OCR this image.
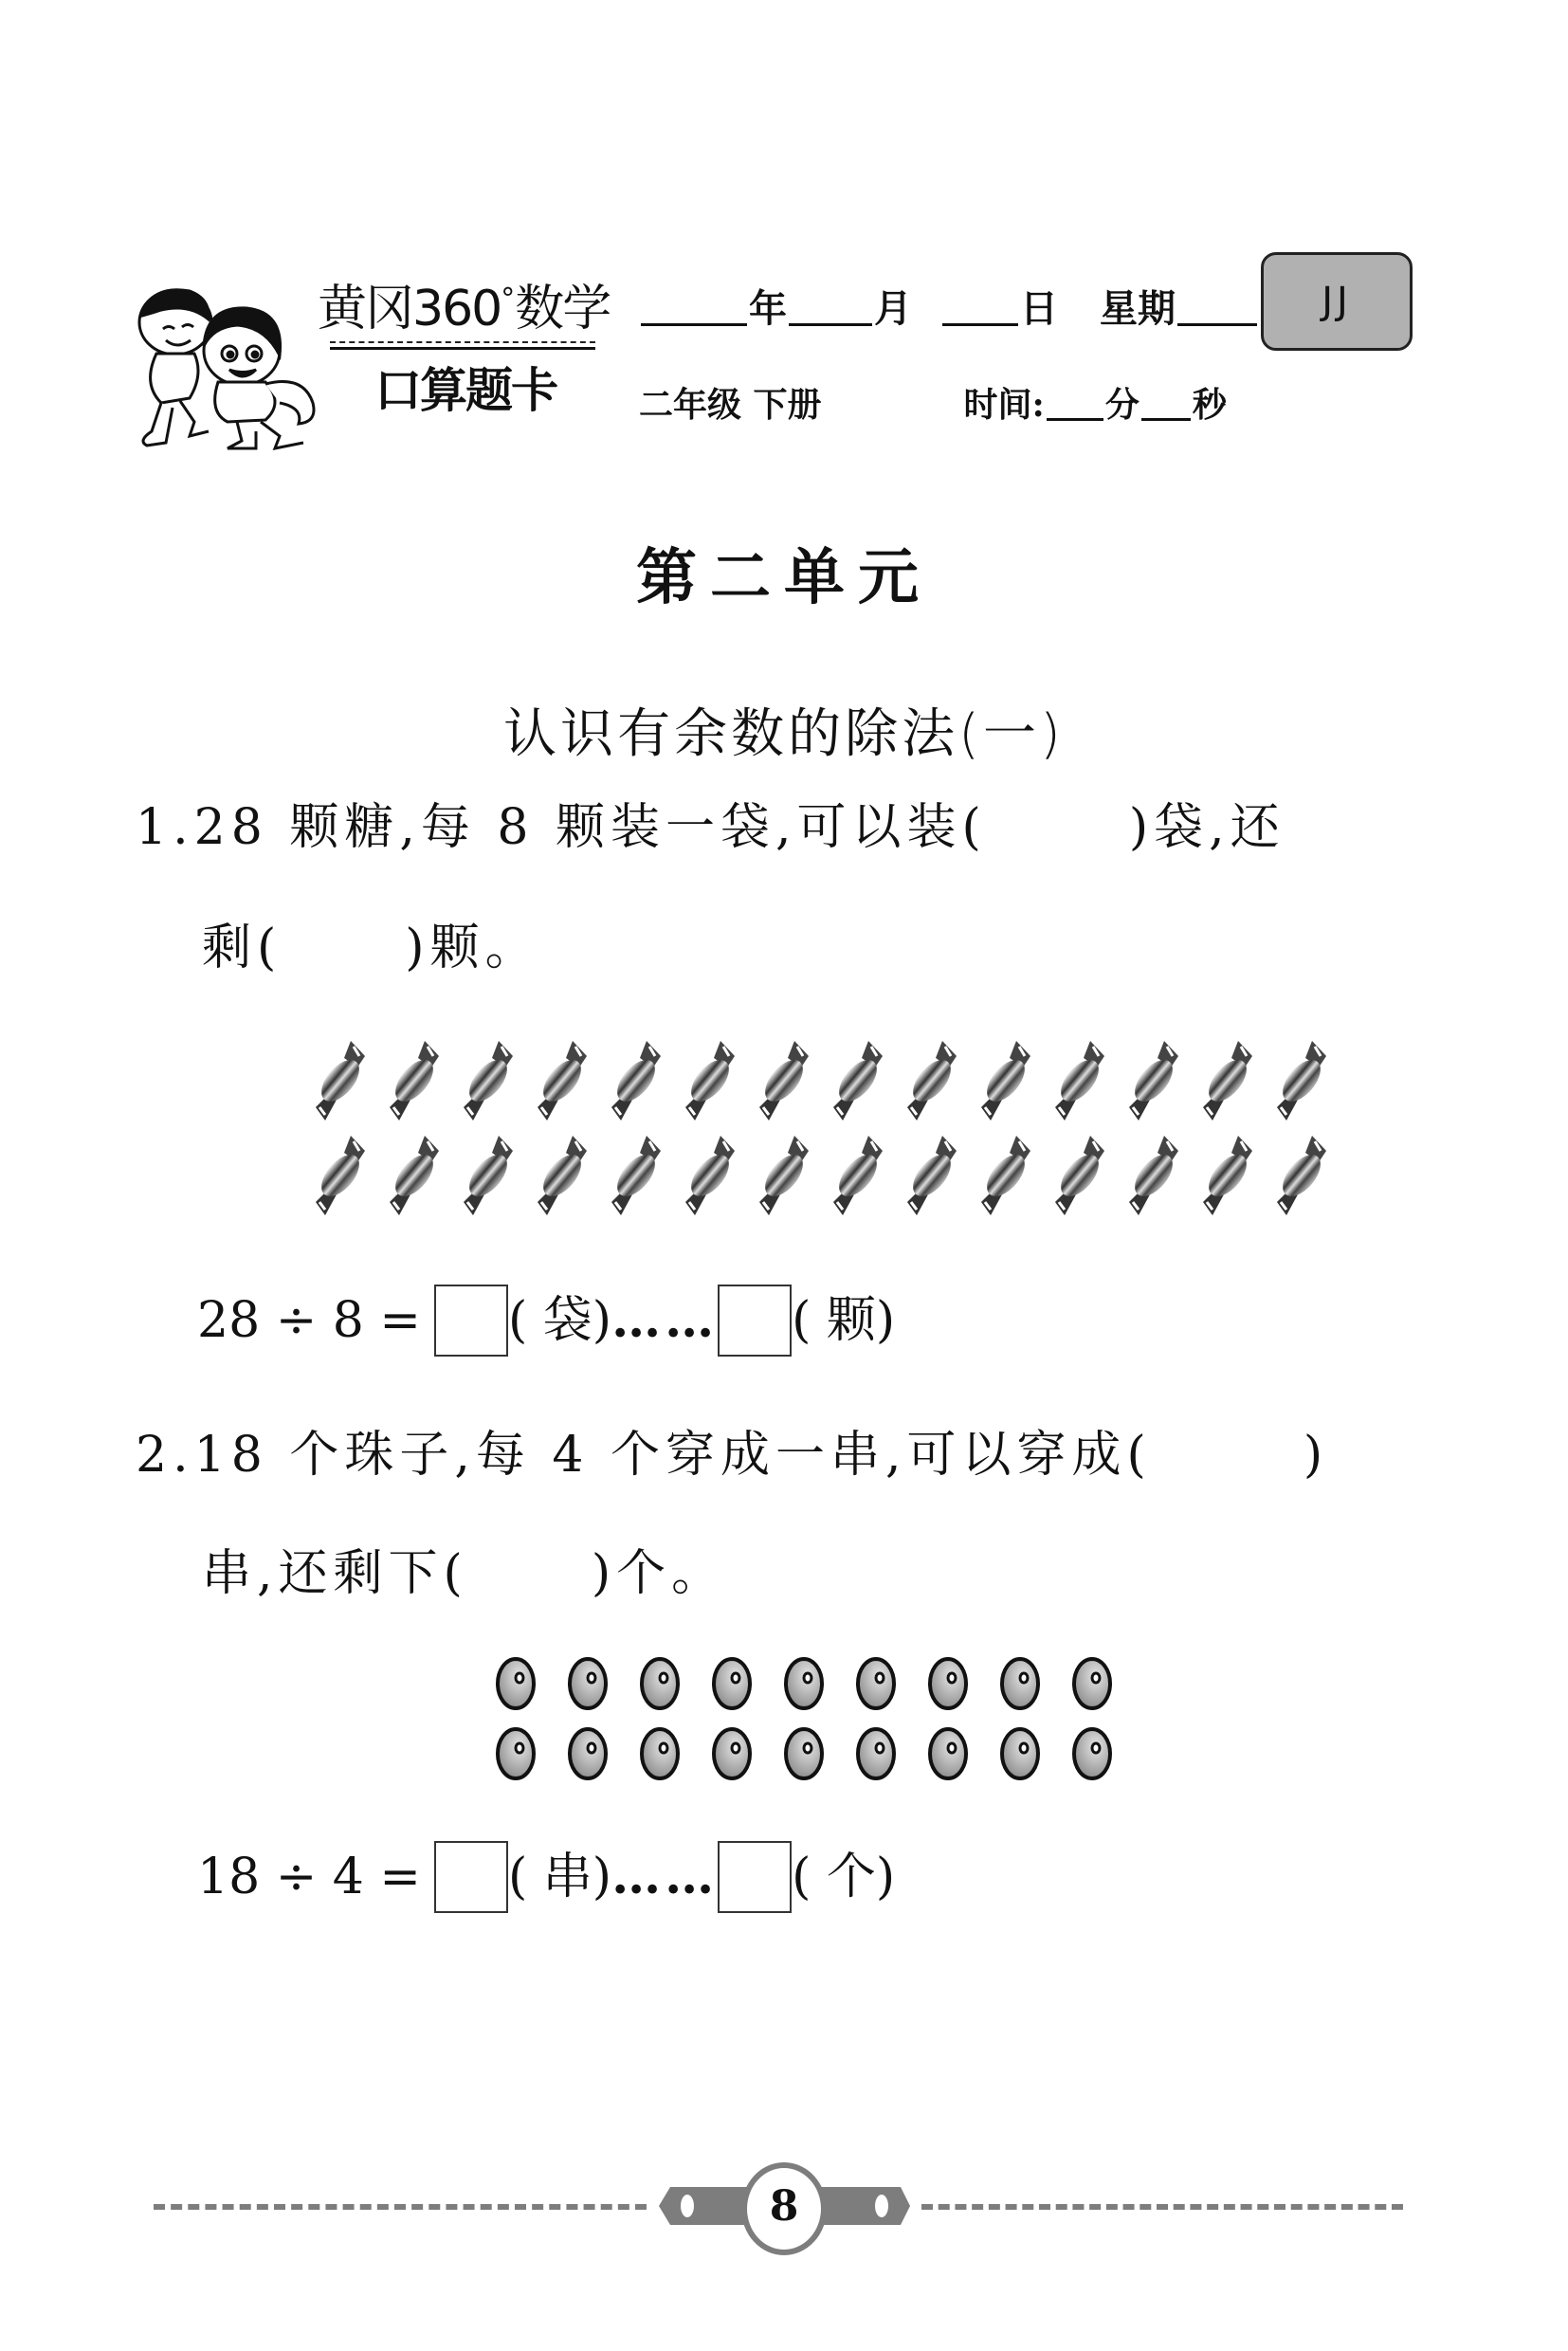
黄冈360°数学
口算题卡
年 月	日 星期	JJ
二年级 下册	时间: 分 秒
第二单元
认识有余数的除法(一)
1.28 颗糖,每 8 颗装一袋,可以装(	)袋,还
剩(	)颗。
28 ÷ 8 = ( 袋) …… ( 颗)
2.18 个珠子,每 4 个穿成一串,可以穿成(	)
串,还剩下(	)个。
18 ÷ 4 = ( 串) …… ( 个)
8
